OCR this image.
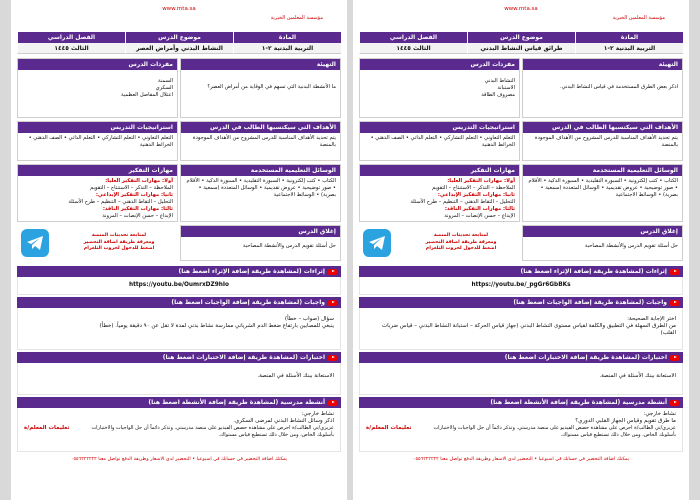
www.mta.sa
مؤسسة المعلمين الخيرية
المادة
موضوع الدرس
الفصل الدراسي
التربية البدنية ٢-١
النشاط البدني وأمراض العصر
الثالث ١٤٤٥
التهيئة
ما الأنشطة البدنية التي تسهم في الوقاية من أمراض العصر؟
الأهداف التي سيكتسبها الطالب في الدرس
يتم تحديد الأهداف المناسبة للدرس المشروح من الأهداف الموجودة بالمنصة
الوسائل التعليمية المستخدمة
الكتاب • كتب إلكترونية • السبورة التقليدية • السبورة الذكية • الأقلام • صور توضيحية • عروض تقديمية • الوسائل المتعددة (سمعية • بصرية) • الوسائط الاجتماعية
إغلاق الدرس
حل أسئلة تقويم الدرس والأنشطة المصاحبة
مفردات الدرس

السمنة

السكري

اعتلال المفاصل العظمية

استراتيجيات التدريس
التعلم التعاوني • التعلم التشاركي • التعلم الذاتي • الصف الذهني • الخرائط الذهنية
مهارات التفكير

أولا: مهارات التفكير العليا:

الملاحظة – التذكر – الاستنتاج – التقويم

ثانيا: مهارات التفكير الإبداعي:

التحليل – التقاط الذهني – التنظيم – طرح الأسئلة

ثالثا: مهارات التفكير الناقد:

الإبداع – حسن الإنصات – المرونة

لمتابعة تحديثات المنصة

ومعرفة طريقة اضافة التحضير

اضغط للدخول لجروب التلغرام

إثراءات (لمشاهدة طريقة إضافة الإثراء اضغط هنا)
https://youtu.be/OumrxDZ9hIo
واجبات (لمشاهدة طريقة إضافة الواجبات اضغط هنا)

سؤال (صواب – خطأ)

ينبغي للمصابين بارتفاع ضغط الدم الشرياني ممارسة نشاط بدني لمدة لا تقل عن ٩٠ دقيقة يومياً. (خطأ)

اختبارات (لمشاهدة طريقة إضافة الاختبارات اضغط هنا)
الاستعانة ببنك الأسئلة في المنصة.
أنشطة مدرسية (لمشاهدة طريقة إضافة الأنشطة اضغط هنا)

نشاط خارجي:

اذكر وسائل النشاط البدني لمرضى السكري.

عزيزي/تي الطالب/ة احرص على مشاهدة حصص الفيديو على منصة مدرستي. وتذكر دائماً أن حل الواجبات والاختبارات بأسلوبك الخاص، ومن خلال ذلك تستطيع قياس مستواك.

تعليمات المعلم/ة

يمكنك اضافة التحضير في حسابك في اسبوعيا • التحضير لدى الاسعار وطريقة الدفع تواصل معنا ٠٥٥٦٢٢٢٢٢٢
www.mta.sa
مؤسسة المعلمين الخيرية
المادة
موضوع الدرس
الفصل الدراسي
التربية البدنية ٢-١
طرائق قياس النشاط البدني
الثالث ١٤٤٥
التهيئة
اذكر بعض الطرق المستخدمة في قياس النشاط البدني.
الأهداف التي سيكتسبها الطالب في الدرس
يتم تحديد الأهداف المناسبة للدرس المشروح من الأهداف الموجودة بالمنصة
الوسائل التعليمية المستخدمة
الكتاب • كتب إلكترونية • السبورة التقليدية • السبورة الذكية • الأقلام • صور توضيحية • عروض تقديمية • الوسائل المتعددة (سمعية • بصرية) • الوسائط الاجتماعية
إغلاق الدرس
حل أسئلة تقويم الدرس والأنشطة المصاحبة
مفردات الدرس

النشاط البدني

الاستبانة

مصروف الطاقة

استراتيجيات التدريس
التعلم التعاوني • التعلم التشاركي • التعلم الذاتي • الصف الذهني • الخرائط الذهنية
مهارات التفكير

أولا: مهارات التفكير العليا:

الملاحظة – التذكر – الاستنتاج – التقويم

ثانيا: مهارات التفكير الإبداعي:

التحليل – التقاط الذهني – التنظيم – طرح الأسئلة

ثالثا: مهارات التفكير الناقد:

الإبداع – حسن الإنصات – المرونة

لمتابعة تحديثات المنصة

ومعرفة طريقة اضافة التحضير

اضغط للدخول لجروب التلغرام

إثراءات (لمشاهدة طريقة إضافة الإثراء اضغط هنا)
https://youtu.be/_pgGr6GbBKs
واجبات (لمشاهدة طريقة إضافة الواجبات اضغط هنا)

اختر الإجابة الصحيحة:

من الطرق السهلة في التطبيق والكلفة لقياس مستوى النشاط البدني (جهاز قياس الحركة – استبانة النشاط البدني – قياس ضربات القلب)

اختبارات (لمشاهدة طريقة إضافة الاختبارات اضغط هنا)
الاستعانة ببنك الأسئلة في المنصة.
أنشطة مدرسية (لمشاهدة طريقة إضافة الأنشطة اضغط هنا)

نشاط خارجي:

ما طرق تقويم وقياس الجهاز القلبي الدوري؟

عزيزي/تي الطالب/ة احرص على مشاهدة حصص الفيديو على منصة مدرستي. وتذكر دائماً أن حل الواجبات والاختبارات بأسلوبك الخاص، ومن خلال ذلك تستطيع قياس مستواك.

تعليمات المعلم/ة

يمكنك اضافة التحضير في حسابك في اسبوعيا • التحضير لدى الاسعار وطريقة الدفع تواصل معنا ٠٥٥٦٢٢٢٢٢٢
